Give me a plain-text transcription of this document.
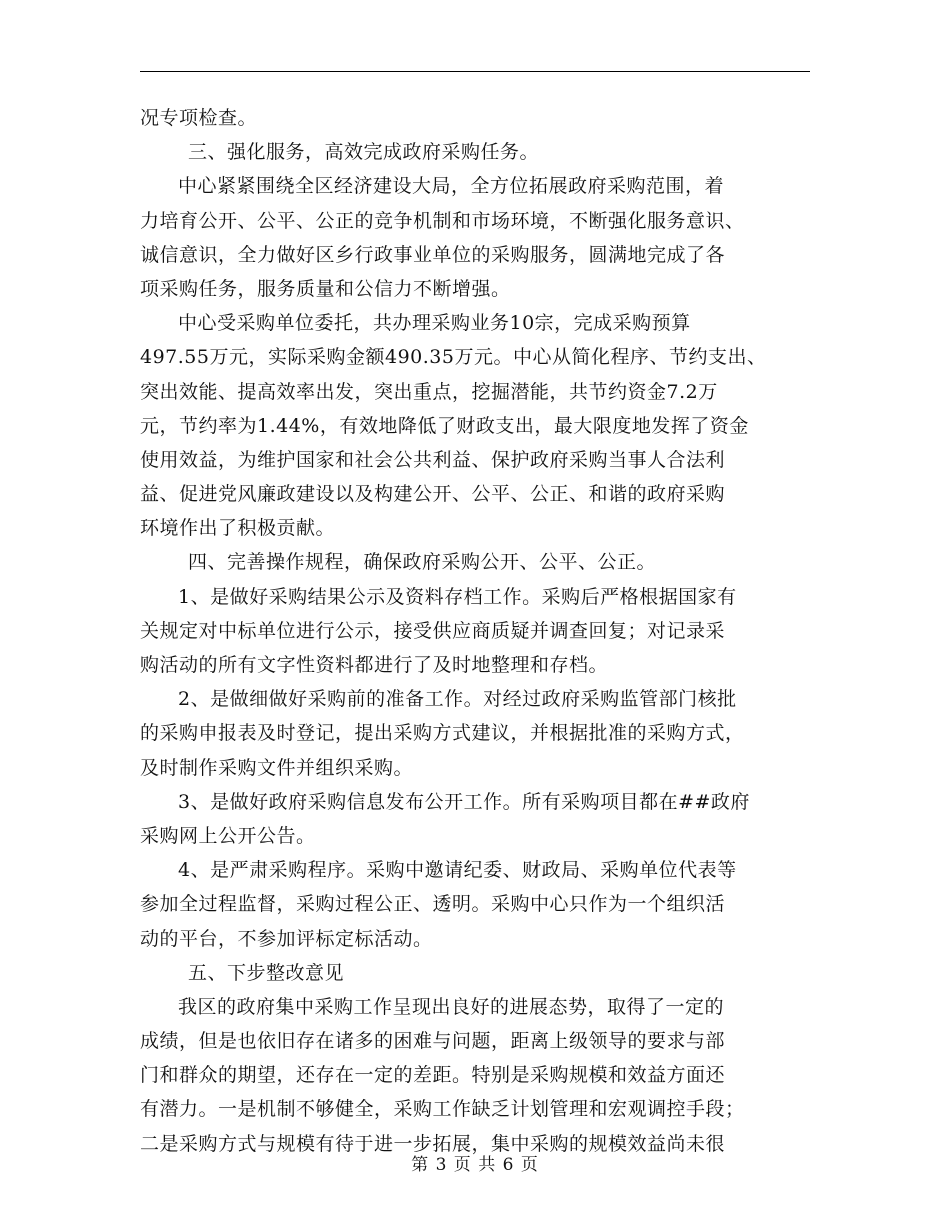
况专项检查。
三、强化服务，高效完成政府采购任务。
中心紧紧围绕全区经济建设大局，全方位拓展政府采购范围，着
力培育公开、公平、公正的竞争机制和市场环境，不断强化服务意识、
诚信意识，全力做好区乡行政事业单位的采购服务，圆满地完成了各
项采购任务，服务质量和公信力不断增强。
中心受采购单位委托，共办理采购业务10宗，完成采购预算
497.55万元，实际采购金额490.35万元。中心从简化程序、节约支出、
突出效能、提高效率出发，突出重点，挖掘潜能，共节约资金7.2万
元，节约率为1.44%，有效地降低了财政支出，最大限度地发挥了资金
使用效益，为维护国家和社会公共利益、保护政府采购当事人合法利
益、促进党风廉政建设以及构建公开、公平、公正、和谐的政府采购
环境作出了积极贡献。
四、完善操作规程，确保政府采购公开、公平、公正。
1、是做好采购结果公示及资料存档工作。采购后严格根据国家有
关规定对中标单位进行公示，接受供应商质疑并调查回复；对记录采
购活动的所有文字性资料都进行了及时地整理和存档。
2、是做细做好采购前的准备工作。对经过政府采购监管部门核批
的采购申报表及时登记，提出采购方式建议，并根据批准的采购方式，
及时制作采购文件并组织采购。
3、是做好政府采购信息发布公开工作。所有采购项目都在##政府
采购网上公开公告。
4、是严肃采购程序。采购中邀请纪委、财政局、采购单位代表等
参加全过程监督，采购过程公正、透明。采购中心只作为一个组织活
动的平台，不参加评标定标活动。
五、下步整改意见
我区的政府集中采购工作呈现出良好的进展态势，取得了一定的
成绩，但是也依旧存在诸多的困难与问题，距离上级领导的要求与部
门和群众的期望，还存在一定的差距。特别是采购规模和效益方面还
有潜力。一是机制不够健全，采购工作缺乏计划管理和宏观调控手段；
二是采购方式与规模有待于进一步拓展，集中采购的规模效益尚未很
第 3 页 共 6 页
